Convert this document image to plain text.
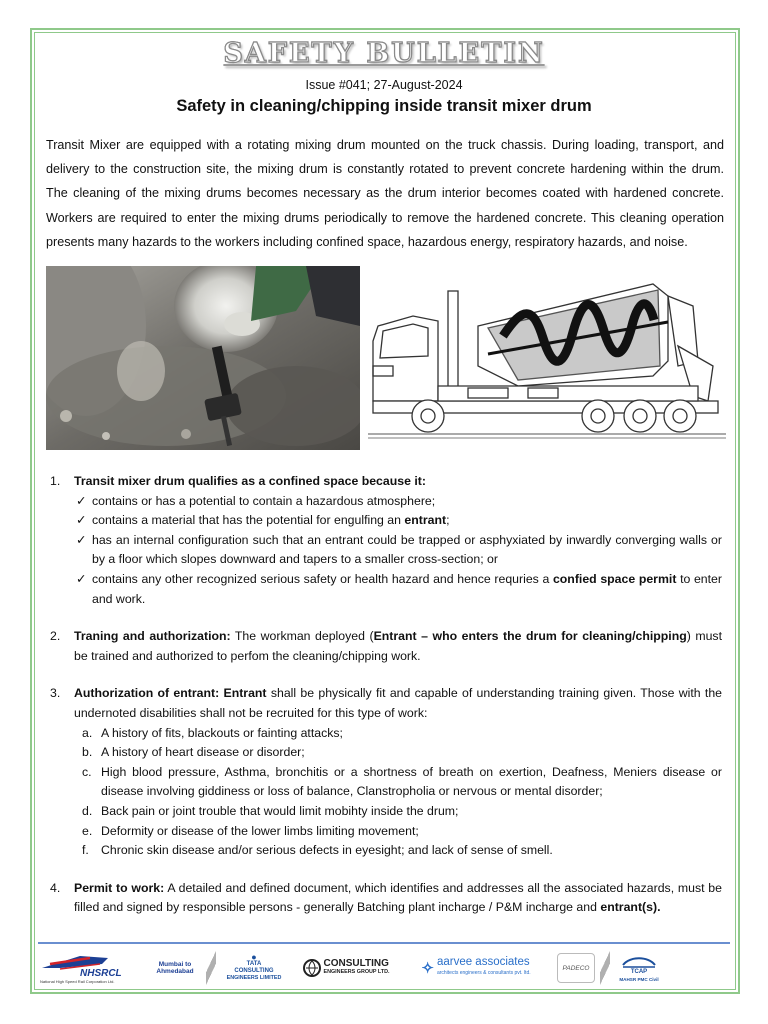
SAFETY BULLETIN
Issue #041; 27-August-2024
Safety in cleaning/chipping inside transit mixer drum
Transit Mixer are equipped with a rotating mixing drum mounted on the truck chassis. During loading, transport, and
delivery to the construction site, the mixing drum is constantly rotated to prevent concrete hardening within the drum.
The cleaning of the mixing drums becomes necessary as the drum interior becomes coated with hardened concrete.
Workers are required to enter the mixing drums periodically to remove the hardened concrete. This cleaning operation
presents many hazards to the workers including confined space, hazardous energy, respiratory hazards, and noise.
1. Transit mixer drum qualifies as a confined space because it:
✓ contains or has a potential to contain a hazardous atmosphere;
✓ contains a material that has the potential for engulfing an entrant;
✓ has an internal configuration such that an entrant could be trapped or asphyxiated by inwardly converging walls or by a floor which slopes downward and tapers to a smaller cross-section; or
✓ contains any other recognized serious safety or health hazard and hence requries a confied space permit to enter and work.
2. Traning and authorization: The workman deployed (Entrant – who enters the drum for cleaning/chipping) must be trained and authorized to perfom the cleaning/chipping work.
3. Authorization of entrant: Entrant shall be physically fit and capable of understanding training given. Those with the undernoted disabilities shall not be recruited for this type of work:
a. A history of fits, blackouts or fainting attacks;
b. A history of heart disease or disorder;
c. High blood pressure, Asthma, bronchitis or a shortness of breath on exertion, Deafness, Meniers disease or disease involving giddiness or loss of balance, Clanstropholia or nervous or mental disorder;
d. Back pain or joint trouble that would limit mobihty inside the drum;
e. Deformity or disease of the lower limbs limiting movement;
f. Chronic skin disease and/or serious defects in eyesight; and lack of sense of smell.
4. Permit to work: A detailed and defined document, which identifies and addresses all the associated hazards, must be filled and signed by responsible persons - generally Batching plant incharge / P&M incharge and entrant(s).
NHSRCL
National High Speed Rail Corporation Ltd.
Mumbai to
Ahmedabad
●
TATA
CONSULTING
ENGINEERS LIMITED
CONSULTING
ENGINEERS GROUP LTD. ✧ aarvee associates
architects engineers & consultants pvt. ltd.
PADECO
TCAP
MAHSR PMC Civil
